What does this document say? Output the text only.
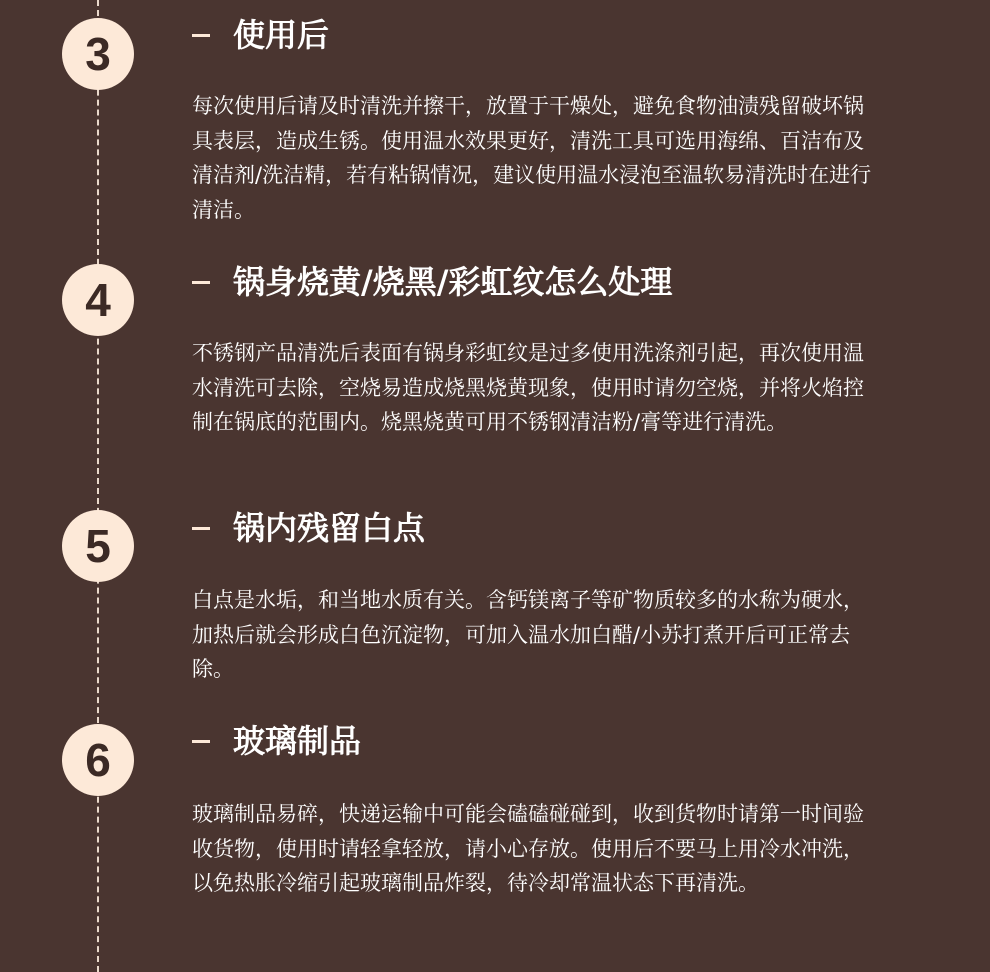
3	使用后

每次使用后请及时清洗并擦干，放置于干燥处，避免食物油渍残留破坏锅具表层，造成生锈。使用温水效果更好，清洗工具可选用海绵、百洁布及清洁剂/洗洁精，若有粘锅情况，建议使用温水浸泡至温软易清洗时在进行清洁。

4	锅身烧黄/烧黑/彩虹纹怎么处理

不锈钢产品清洗后表面有锅身彩虹纹是过多使用洗涤剂引起，再次使用温水清洗可去除，空烧易造成烧黑烧黄现象，使用时请勿空烧，并将火焰控制在锅底的范围内。烧黑烧黄可用不锈钢清洁粉/膏等进行清洗。

5	锅内残留白点

白点是水垢，和当地水质有关。含钙镁离子等矿物质较多的水称为硬水，加热后就会形成白色沉淀物，可加入温水加白醋/小苏打煮开后可正常去除。

6	玻璃制品

玻璃制品易碎，快递运输中可能会磕磕碰碰到，收到货物时请第一时间验收货物，使用时请轻拿轻放，请小心存放。使用后不要马上用冷水冲洗，以免热胀冷缩引起玻璃制品炸裂，待冷却常温状态下再清洗。
